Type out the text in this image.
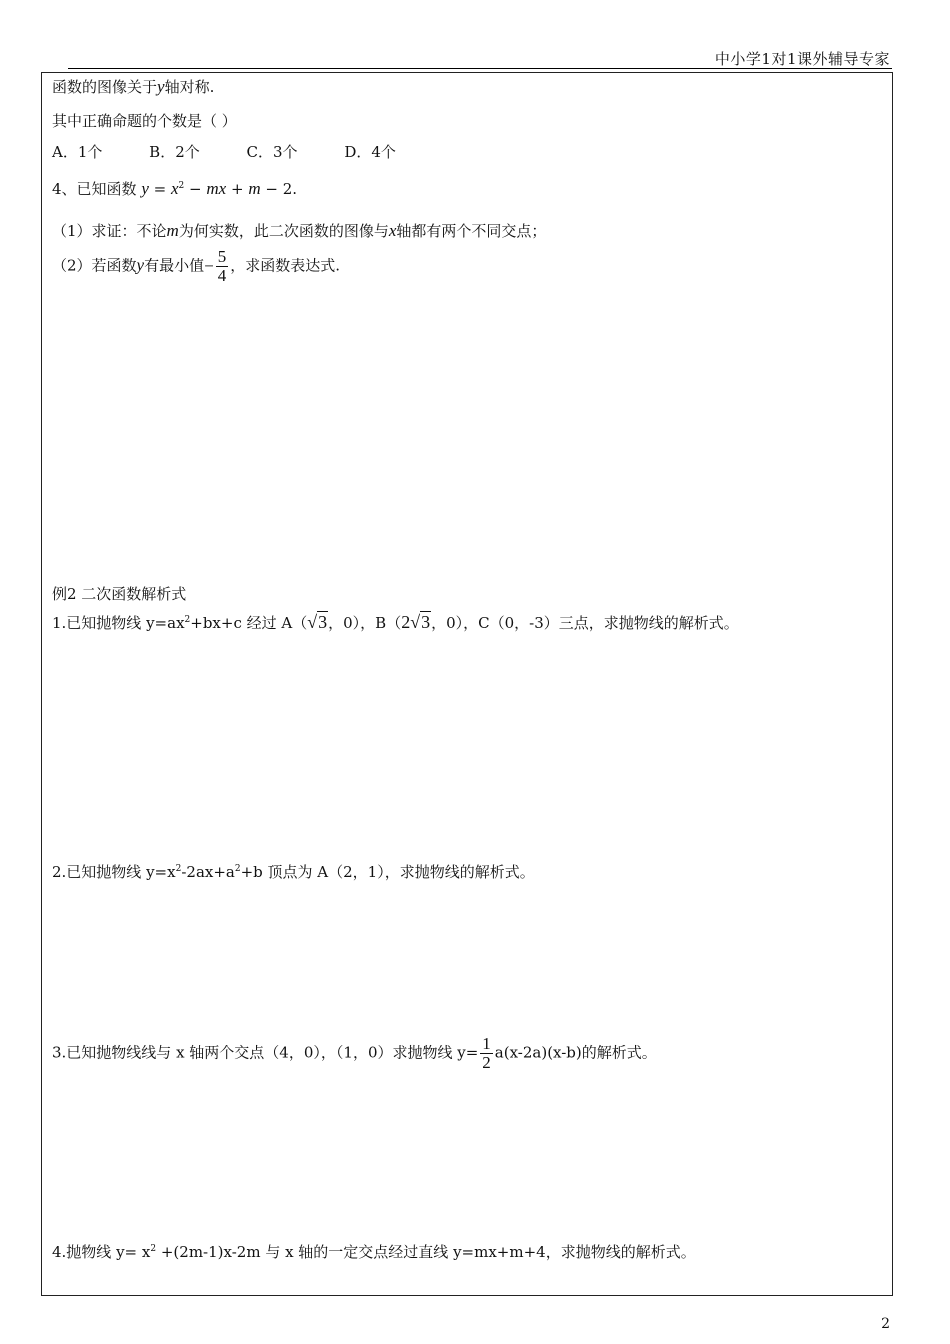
中小学1对1课外辅导专家
函数的图像关于y轴对称.
其中正确命题的个数是（ ）
A．1个	B．2个	C．3个	D．4个
4、已知函数 $y = x^2$ − mx + m − 2.
（1）求证：不论m为何实数，此二次函数的图像与x轴都有两个不同交点；
（2）若函数y有最小值− $\frac{5}{4}$ ，求函数表达式.
例2 二次函数解析式
1.已知抛物线 $y=ax^2+bx+c$ 经过 A（√3，0），B（2√3，0），C（0，-3）三点，求抛物线的解析式。
2.已知抛物线 $y=x^2-2ax+a^2+b$ 顶点为 A（2，1），求抛物线的解析式。
3.已知抛物线线与 x 轴两个交点（4，0），（1，0）求抛物线 $y= \frac{1}{2} a(x-2a)(x-b)$的解析式。
4.抛物线 $y= x^2 +(2m-1)x-2m$ 与 x 轴的一定交点经过直线 y=mx+m+4，求抛物线的解析式。
2
